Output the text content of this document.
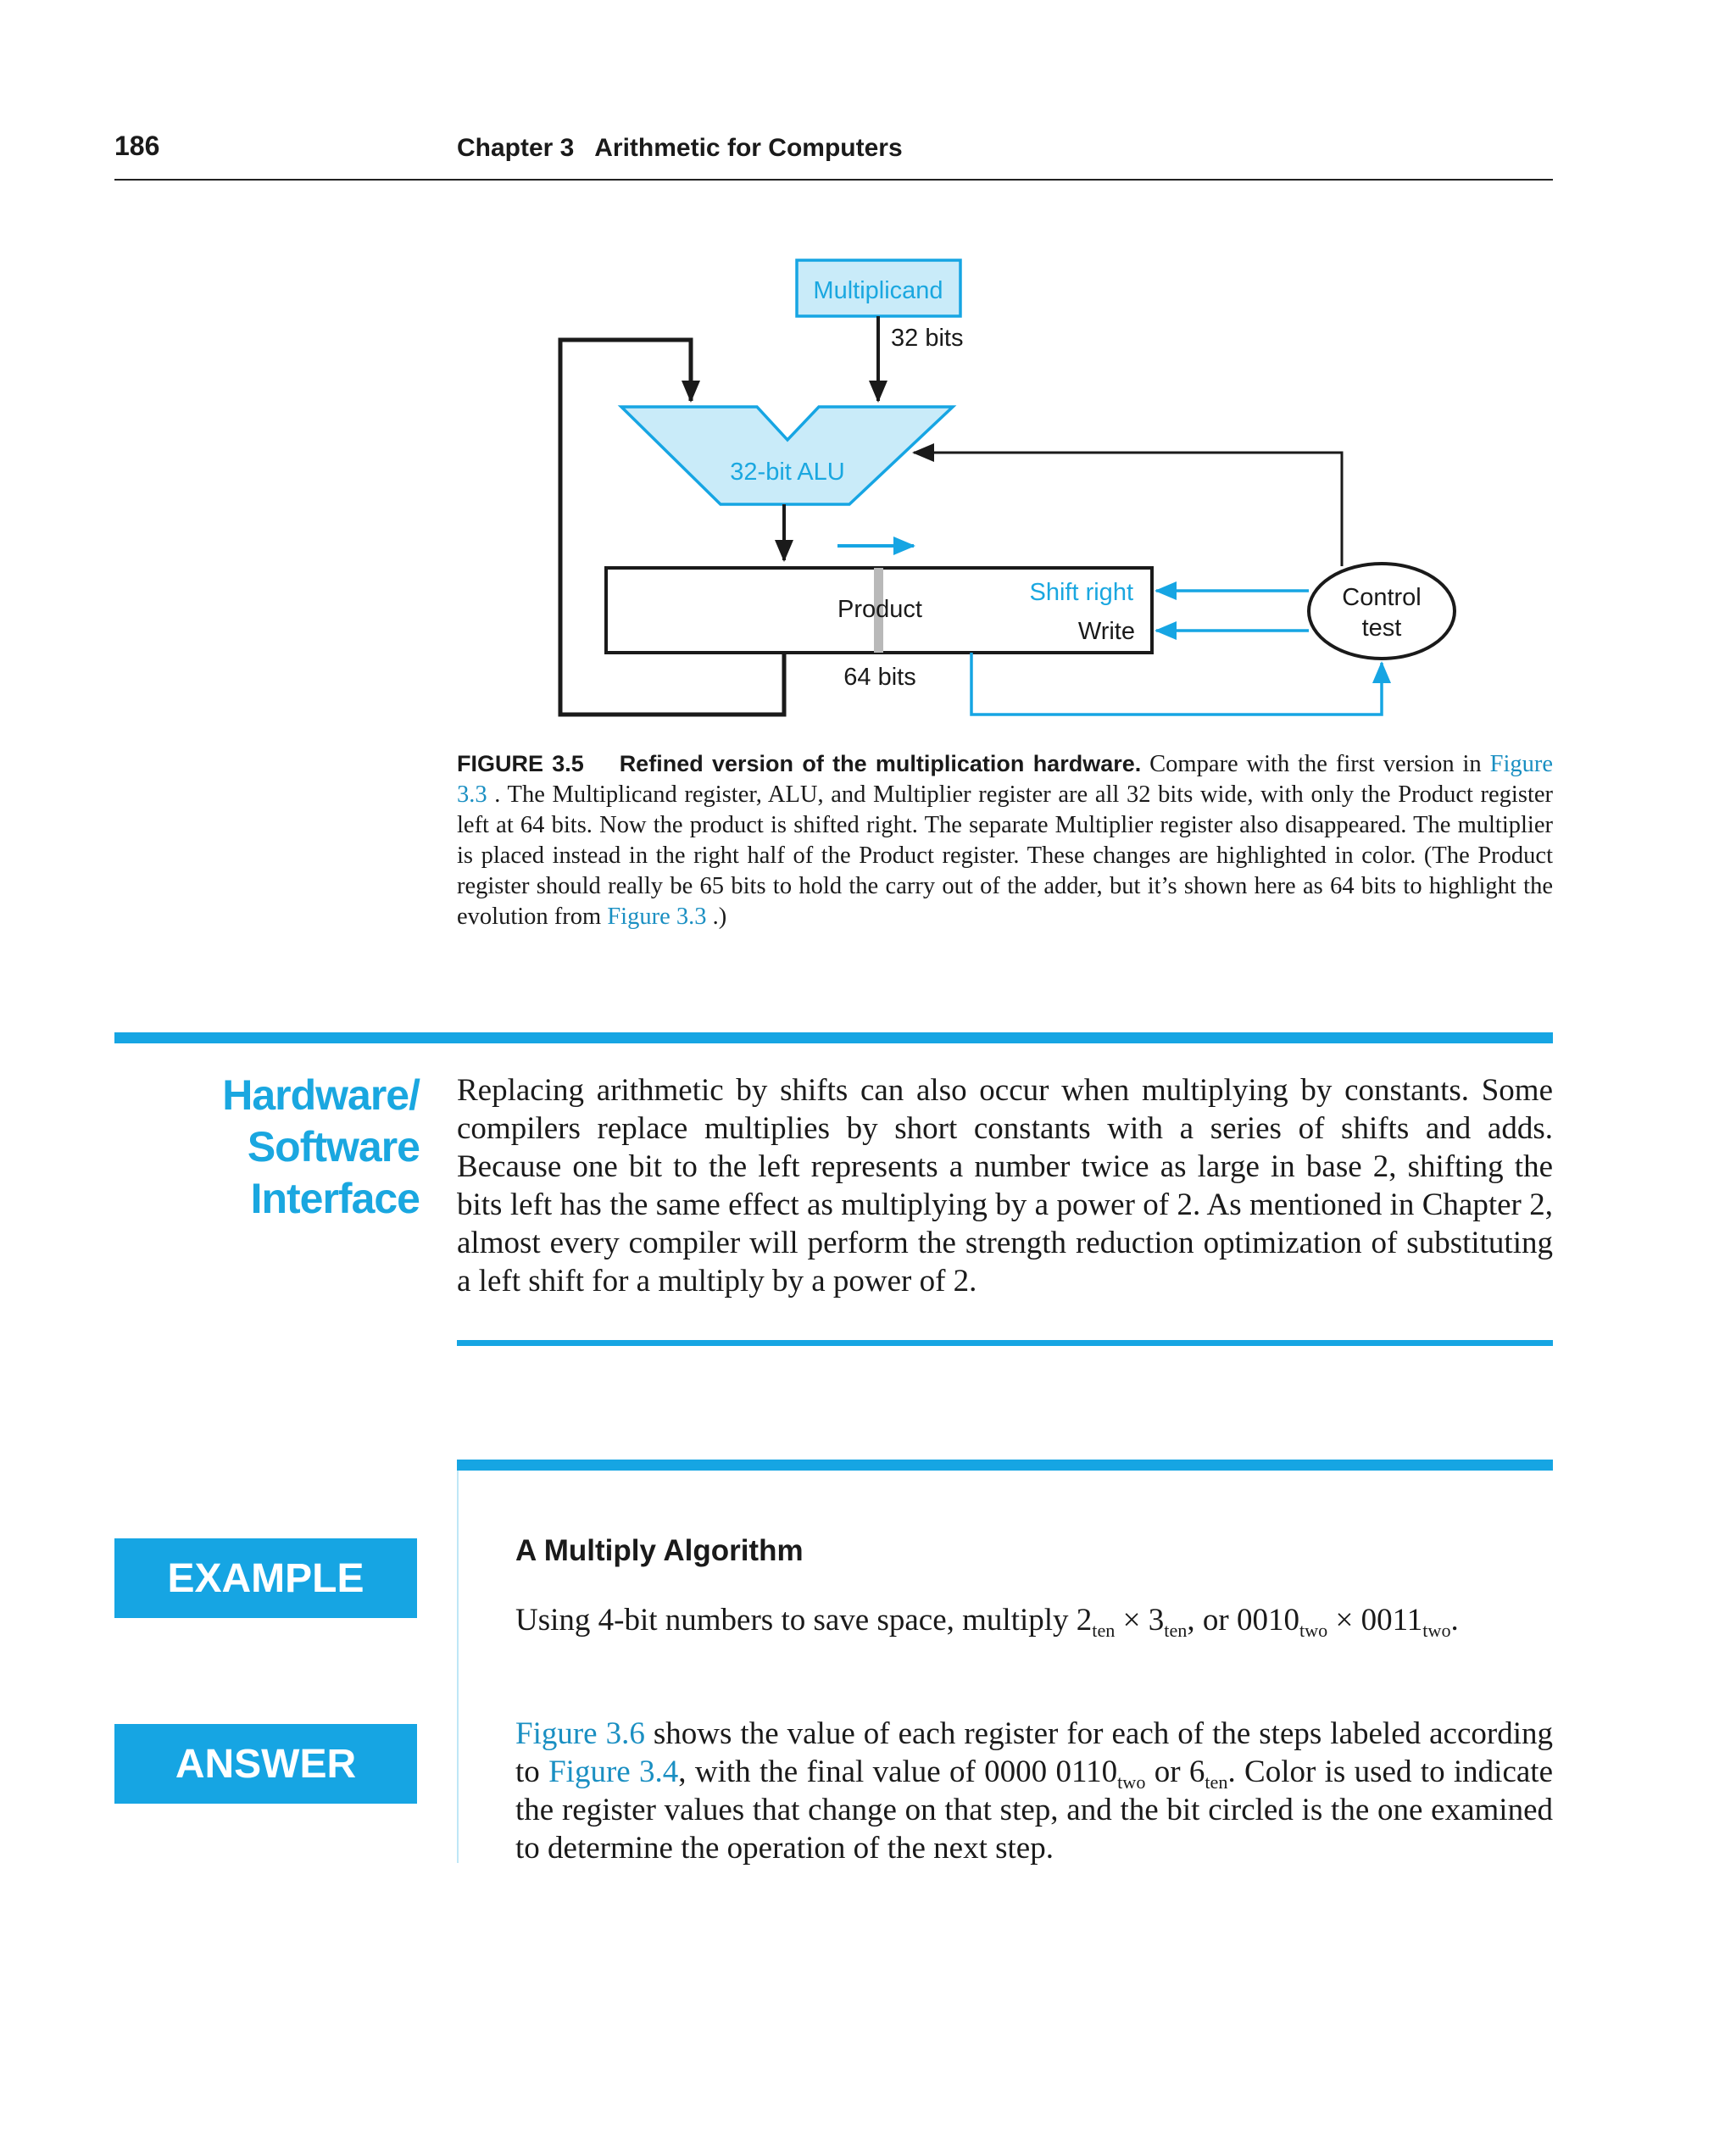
186	Chapter 3   Arithmetic for Computers
Multiplicand
32 bits
32-bit ALU
Product
Shift right
Write
64 bits
Control
test
FIGURE 3.5 Refined version of the multiplication hardware. Compare with the first version in Figure 3.3 . The Multiplicand register, ALU, and Multiplier register are all 32 bits wide, with only the Product register left at 64 bits. Now the product is shifted right. The separate Multiplier register also disappeared. The multiplier is placed instead in the right half of the Product register. These changes are highlighted in color. (The Product register should really be 65 bits to hold the carry out of the adder, but it’s shown here as 64 bits to highlight the evolution from Figure 3.3 .)
Hardware/
Software
Interface
Replacing arithmetic by shifts can also occur when multiplying by constants. Some compilers replace multiplies by short constants with a series of shifts and adds. Because one bit to the left represents a number twice as large in base 2, shifting the bits left has the same effect as multiplying by a power of 2. As mentioned in Chapter 2, almost every compiler will perform the strength reduction optimization of substituting a left shift for a multiply by a power of 2.
EXAMPLE
A Multiply Algorithm
Using 4-bit numbers to save space, multiply $2_{ten} \times 3_{ten}$, or $0010_{two} \times 0011_{two}$.
ANSWER
Figure 3.6 shows the value of each register for each of the steps labeled according to Figure 3.4, with the final value of 0000 $0110_{two}$ or $6_{ten}$. Color is used to indicate the register values that change on that step, and the bit circled is the one examined to determine the operation of the next step.
